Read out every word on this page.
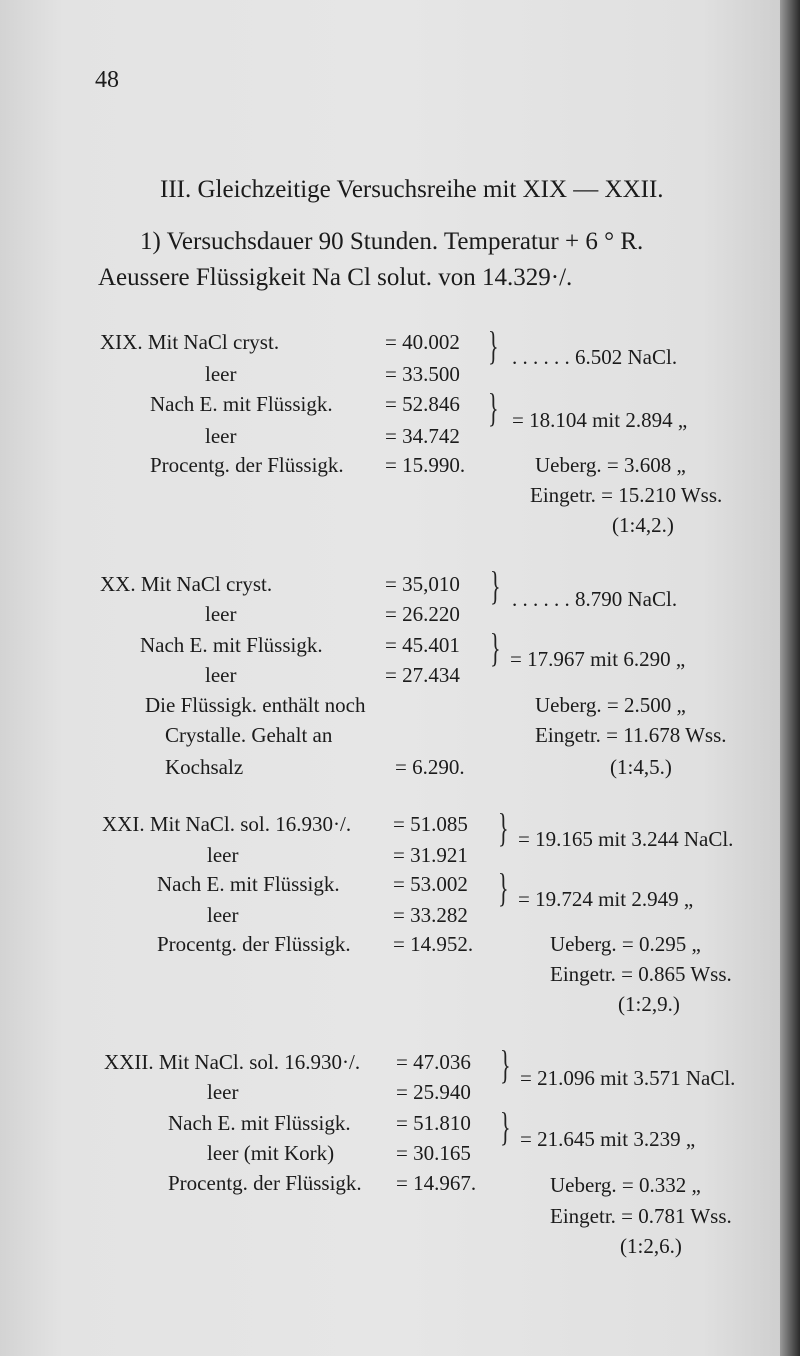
48
III. Gleichzeitige Versuchsreihe mit XIX — XXII.
1) Versuchsdauer 90 Stunden. Temperatur + 6 ° R.
Aeussere Flüssigkeit Na Cl solut. von 14.329·/.
XIX. Mit NaCl cryst.	= 40.002
leer	= 33.500
} . . . . . . 6.502 NaCl.
Nach E. mit Flüssigk. = 52.846
leer	= 34.742
} = 18.104 mit 2.894 „
Procentg. der Flüssigk. = 15.990.	Ueberg. = 3.608 „
Eingetr. = 15.210 Wss.
(1:4,2.)
XX. Mit NaCl cryst.	= 35,010
leer	= 26.220
} . . . . . . 8.790 NaCl.
Nach E. mit Flüssigk.	= 45.401
leer	= 27.434
} = 17.967 mit 6.290 „
Die Flüssigk. enthält noch	Ueberg. = 2.500 „
Crystalle. Gehalt an	Eingetr. = 11.678 Wss.
Kochsalz	= 6.290.	(1:4,5.)
XXI. Mit NaCl. sol. 16.930·/. = 51.085
leer	= 31.921
} = 19.165 mit 3.244 NaCl.
Nach E. mit Flüssigk.	= 53.002
leer	= 33.282
} = 19.724 mit 2.949 „
Procentg. der Flüssigk. = 14.952.	Ueberg. = 0.295 „
Eingetr. = 0.865 Wss.
(1:2,9.)
XXII. Mit NaCl. sol. 16.930·/. = 47.036
leer	= 25.940
} = 21.096 mit 3.571 NaCl.
Nach E. mit Flüssigk. = 51.810
leer (mit Kork)	= 30.165
} = 21.645 mit 3.239 „
Procentg. der Flüssigk. = 14.967.	Ueberg. = 0.332 „
Eingetr. = 0.781 Wss.
(1:2,6.)
